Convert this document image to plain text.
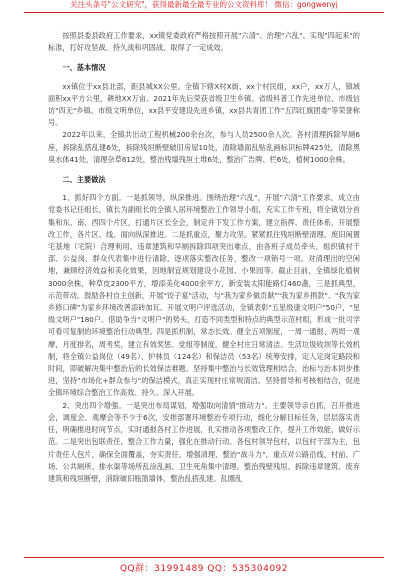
关注头条号"公文研究"，获得最新最全最专业的公文资料库！ 微信：gongwenyj

按照县委县政府工作要求，xx镇党委政府严格按照开展"六清"、治理"六乱"、实现"四起来"的标准，打好攻坚战、持久战和巩固战，取得了一定成效。

一、基本情况

xx镇位于xx县北部，距县城XX公里。全镇下辖X村X街，xx个村民组，xx户，xx万人，镇域面积xx平方公里，耕地XX万亩。2021年先后荣获省级卫生乡镇、省级科普工作先进单位、市级信访"四无"乡镇、市级文明单位，xx县平安建设先进乡镇，xx县共青团工作"五四红旗团委"等荣誉称号。

2022年以来，全镇共出动工程机械200余台次，参与人员2500余人次。各村清理拆除旱厕6座，拆除乱搭乱建6处，拆除残垣断壁破旧房屋10处，清除墙面乱贴乱画标识标牌425处，清除黑臭水体41处，清理杂草612处，整治残墙残垣土堆6处，整治广告牌、栏6处，植树1000余株。

二、主要做法

1、抓好四个方面。一是抓领导，纵深推进。围绕治理"六乱"，开展"六清"工作要求，成立由党委书记任组长，镇长为副组长的全镇人居环境整治工作领导小组，充实工作专班，将全镇划分首集和东、南、西四个片区，打通片区长全会，制定并下发工作方案，建立指挥、责任体系，开展整改工作，各片区、线、面向纵深推进。二是抓重点，聚力攻坚。紧紧抓住残垣断壁清理、废旧闲置宅基地（宅院）合理利用、违章建筑和早厕拆除四项突出难点，由各班子成员牵头，组织镇村干部、公益岗、群众代表集中进行清除，逐项落实整改任务，整改一项销号一项。对清理出的空闲地，兼顾经济效益和美化效果，因地制宜规划建设小花园、小果园等。截止目前，全镇绿化植树3000余株，种草皮2300平方，增添美化4000余平方，新安装太阳能路灯460盏，三是抓典型，示范带动。鼓励各村自主创新，开展"饺子宴"活动，与"我为家乡做贡献""我为家乡捐款"、"我为家乡修口碑"为家乡环境改善添砖加瓦。开展文明户评选活动，全镇表彰"五星级康文明户"50户，"星级文明户"180户。借助争当"文明户"的势头，打造不同类型和特点的典型示范村组，形成一批可学可看可复制的环境整治行动典型。四是抓机制，常态长效。健全五项制度，一周一通报、两周一观摩，月度排名，周考奖，建立有效奖惩、党组等制度，健全村庄日常清洁、生活垃圾收坝等长效机制，将全镇公益岗位（49名）、护林员（124名）和保洁员（53名）统筹安排，定人定岗定路段和时间，即破解决集中整治后的长效保洁难题。坚持集中整治与长效管理相结合，治标与治本同步推进，坚持"市场化+群众参与"的保洁模式，真正实现村庄常规清洁。坚持督导和考核相结合，促进全镇环境综合整治工作高效、持久、深入开展。

2、突出四个增强。一是突出布局谋划，增强取向清情"推动力"。主要领导亲自抓，召开推进会，调度会、观摩会等不少于6次，安排部署环境整治专项行动，细化分解目标任务，层层落实责任，明确推进时间节点，实时通报各村工作进展，扎实推动各项整改工作，提升工作效能，做好示范。二是突出包联责任，整合工作力量，强化在推动行动。各包村领导包村，以包村干部为主，包片责任人包片，确保全面覆盖，夯实责任，增强清理、整治"战斗力"，重点对公路沿线、村前、广场、公共厕所、排水渠等场所乱涂乱画、卫生死角集中清理。整治残壁残垣、拆除违章建筑、废弃建筑和残垣断壁，消除破旧瓶篮墙体，整治乱搭乱建、乱圈乱

QQ群：31991489 QQ：535304092
